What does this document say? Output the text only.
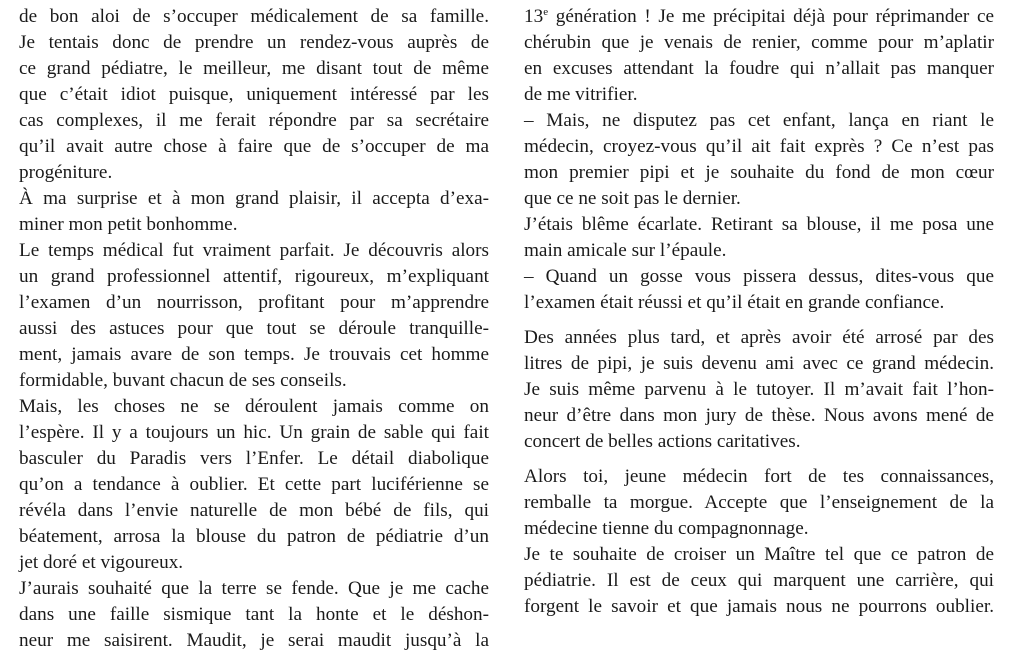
de bon aloi de s’occuper médicalement de sa famille.
Je tentais donc de prendre un rendez-vous auprès de
ce grand pédiatre, le meilleur, me disant tout de même
que c’était idiot puisque, uniquement intéressé par les
cas complexes, il me ferait répondre par sa secrétaire
qu’il avait autre chose à faire que de s’occuper de ma
progéniture.
À ma surprise et à mon grand plaisir, il accepta d’exa-
miner mon petit bonhomme.
Le temps médical fut vraiment parfait. Je découvris alors
un grand professionnel attentif, rigoureux, m’expliquant
l’examen d’un nourrisson, profitant pour m’apprendre
aussi des astuces pour que tout se déroule tranquille-
ment, jamais avare de son temps. Je trouvais cet homme
formidable, buvant chacun de ses conseils.
Mais, les choses ne se déroulent jamais comme on
l’espère. Il y a toujours un hic. Un grain de sable qui fait
basculer du Paradis vers l’Enfer. Le détail diabolique
qu’on a tendance à oublier. Et cette part luciférienne se
révéla dans l’envie naturelle de mon bébé de fils, qui
béatement, arrosa la blouse du patron de pédiatrie d’un
jet doré et vigoureux.
J’aurais souhaité que la terre se fende. Que je me cache
dans une faille sismique tant la honte et le déshon-
neur me saisirent. Maudit, je serai maudit jusqu’à la
13e génération ! Je me précipitai déjà pour réprimander ce
chérubin que je venais de renier, comme pour m’aplatir
en excuses attendant la foudre qui n’allait pas manquer
de me vitrifier.
– Mais, ne disputez pas cet enfant, lança en riant le
médecin, croyez-vous qu’il ait fait exprès ? Ce n’est pas
mon premier pipi et je souhaite du fond de mon cœur
que ce ne soit pas le dernier.
J’étais blême écarlate. Retirant sa blouse, il me posa une
main amicale sur l’épaule.
– Quand un gosse vous pissera dessus, dites-vous que
l’examen était réussi et qu’il était en grande confiance.
Des années plus tard, et après avoir été arrosé par des
litres de pipi, je suis devenu ami avec ce grand médecin.
Je suis même parvenu à le tutoyer. Il m’avait fait l’hon-
neur d’être dans mon jury de thèse. Nous avons mené de
concert de belles actions caritatives.
Alors toi, jeune médecin fort de tes connaissances,
remballe ta morgue. Accepte que l’enseignement de la
médecine tienne du compagnonnage.
Je te souhaite de croiser un Maître tel que ce patron de
pédiatrie. Il est de ceux qui marquent une carrière, qui
forgent le savoir et que jamais nous ne pourrons oublier.
